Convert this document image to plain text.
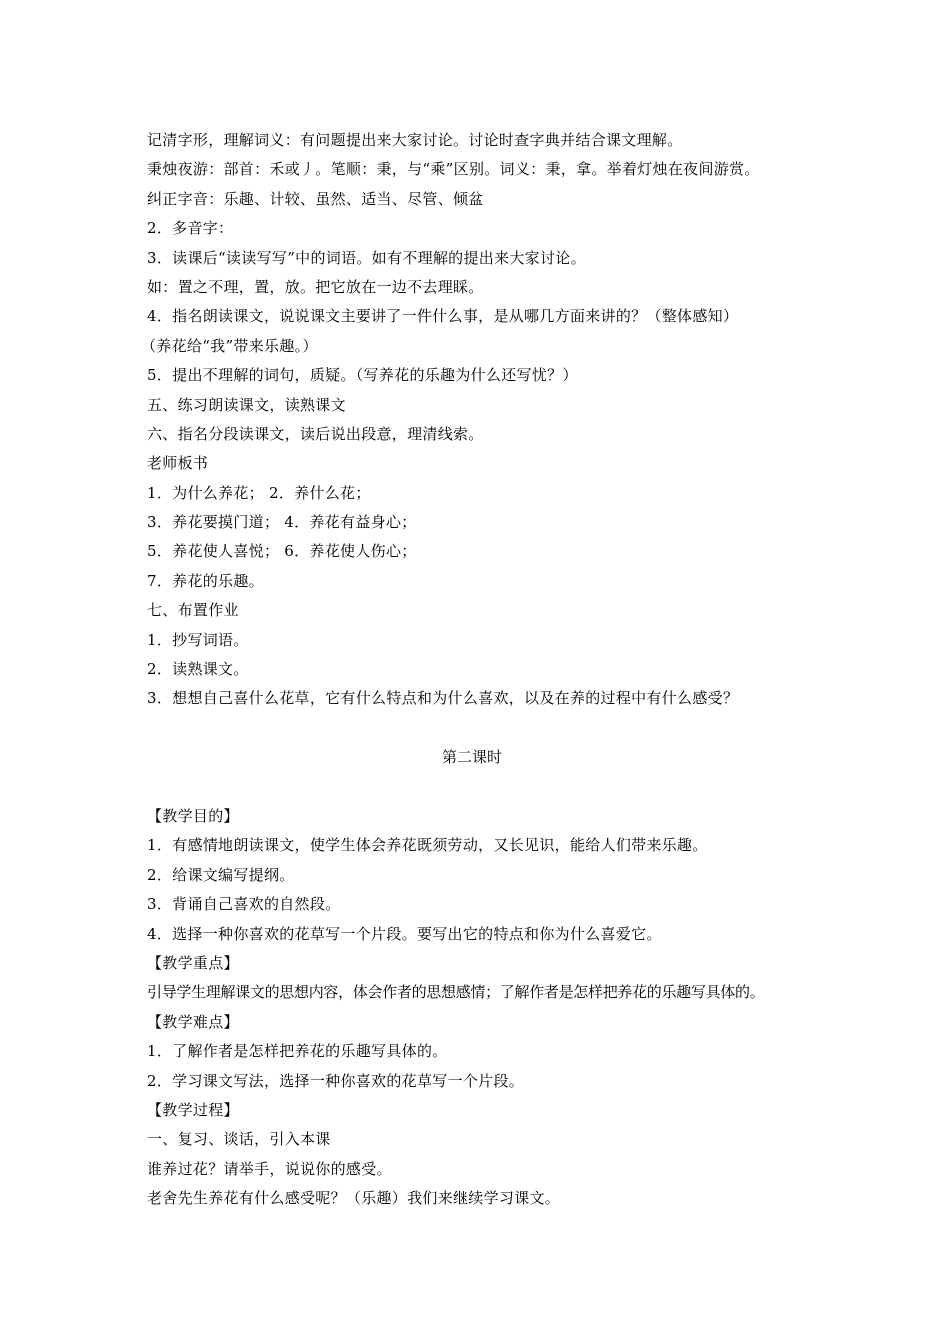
记清字形，理解词义：有问题提出来大家讨论。讨论时查字典并结合课文理解。
秉烛夜游：部首：禾或丿。笔顺：秉，与“乘”区别。词义：秉，拿。举着灯烛在夜间游赏。
纠正字音：乐趣、计较、虽然、适当、尽管、倾盆
2．多音字：
3．读课后“读读写写”中的词语。如有不理解的提出来大家讨论。
如：置之不理，置，放。把它放在一边不去理睬。
4．指名朗读课文，说说课文主要讲了一件什么事，是从哪几方面来讲的？（整体感知）
（养花给“我”带来乐趣。）
5．提出不理解的词句，质疑。（写养花的乐趣为什么还写忧？）
五、练习朗读课文，读熟课文
六、指名分段读课文，读后说出段意，理清线索。
老师板书
1．为什么养花； 2．养什么花；
3．养花要摸门道； 4．养花有益身心；
5．养花使人喜悦； 6．养花使人伤心；
7．养花的乐趣。
七、布置作业
1．抄写词语。
2．读熟课文。
3．想想自己喜什么花草，它有什么特点和为什么喜欢，以及在养的过程中有什么感受？
第二课时
【教学目的】
1．有感情地朗读课文，使学生体会养花既须劳动，又长见识，能给人们带来乐趣。
2．给课文编写提纲。
3．背诵自己喜欢的自然段。
4．选择一种你喜欢的花草写一个片段。要写出它的特点和你为什么喜爱它。
【教学重点】
引导学生理解课文的思想内容，体会作者的思想感情；了解作者是怎样把养花的乐趣写具体的。
【教学难点】
1．了解作者是怎样把养花的乐趣写具体的。
2．学习课文写法，选择一种你喜欢的花草写一个片段。
【教学过程】
一、复习、谈话，引入本课
谁养过花？请举手，说说你的感受。
老舍先生养花有什么感受呢？（乐趣）我们来继续学习课文。
